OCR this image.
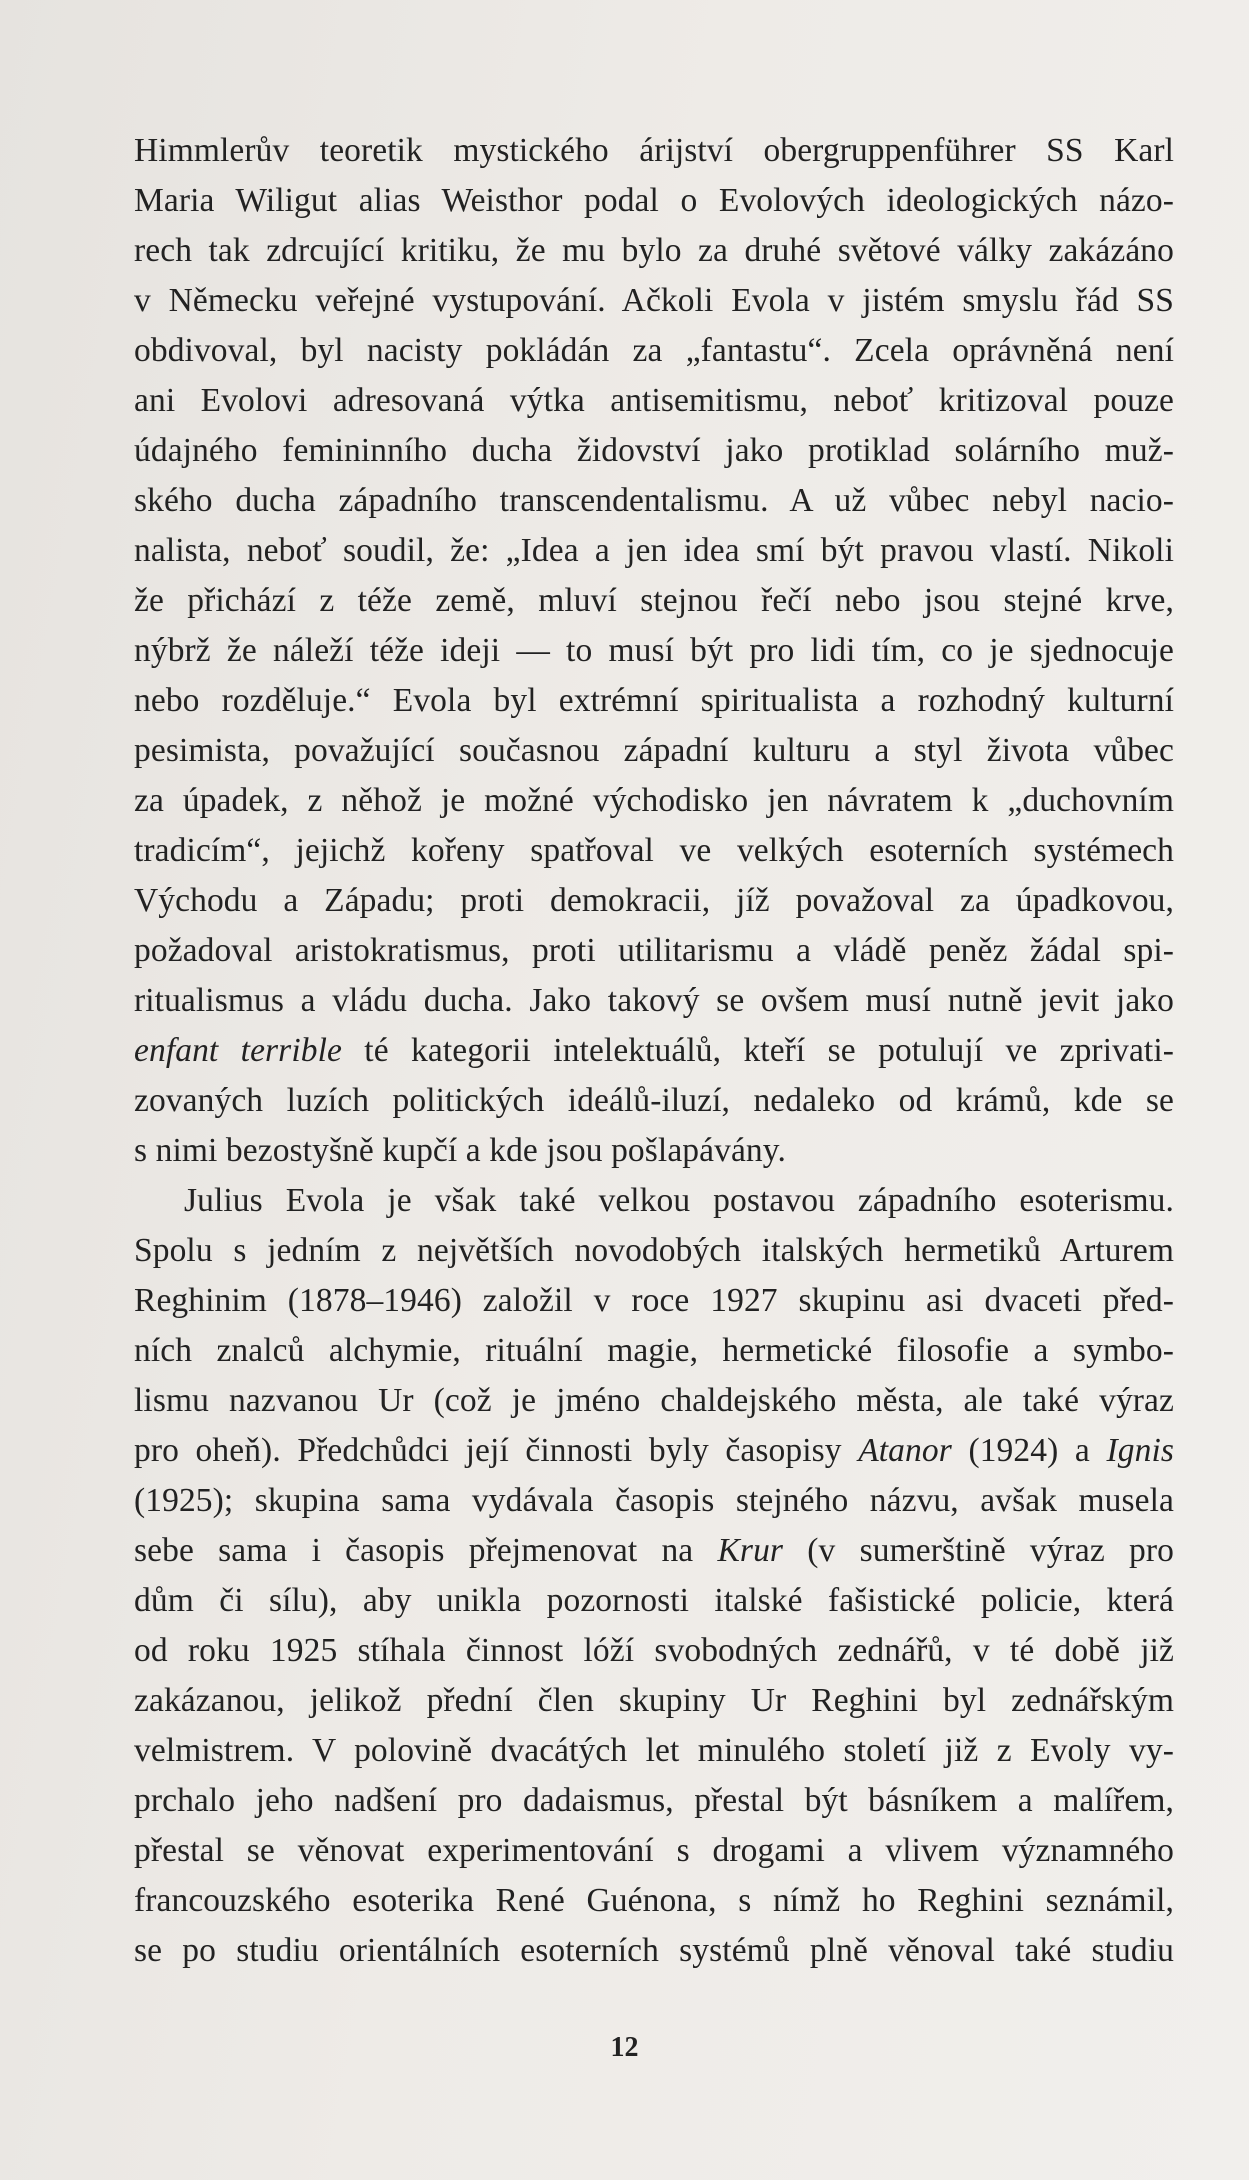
Himmlerův teoretik mystického árijství obergruppenführer SS Karl
Maria Wiligut alias Weisthor podal o Evolových ideologických názo-
rech tak zdrcující kritiku, že mu bylo za druhé světové války zakázáno
v Německu veřejné vystupování. Ačkoli Evola v jistém smyslu řád SS
obdivoval, byl nacisty pokládán za „fantastu“. Zcela oprávněná není
ani Evolovi adresovaná výtka antisemitismu, neboť kritizoval pouze
údajného femininního ducha židovství jako protiklad solárního muž-
ského ducha západního transcendentalismu. A už vůbec nebyl nacio-
nalista, neboť soudil, že: „Idea a jen idea smí být pravou vlastí. Nikoli
že přichází z téže země, mluví stejnou řečí nebo jsou stejné krve,
nýbrž že náleží téže ideji — to musí být pro lidi tím, co je sjednocuje
nebo rozděluje.“ Evola byl extrémní spiritualista a rozhodný kulturní
pesimista, považující současnou západní kulturu a styl života vůbec
za úpadek, z něhož je možné východisko jen návratem k „duchovním
tradicím“, jejichž kořeny spatřoval ve velkých esoterních systémech
Východu a Západu; proti demokracii, jíž považoval za úpadkovou,
požadoval aristokratismus, proti utilitarismu a vládě peněz žádal spi-
ritualismus a vládu ducha. Jako takový se ovšem musí nutně jevit jako
enfant terrible té kategorii intelektuálů, kteří se potulují ve zprivati-
zovaných luzích politických ideálů-iluzí, nedaleko od krámů, kde se
s nimi bezostyšně kupčí a kde jsou pošlapávány.
Julius Evola je však také velkou postavou západního esoterismu.
Spolu s jedním z největších novodobých italských hermetiků Arturem
Reghinim (1878–1946) založil v roce 1927 skupinu asi dvaceti před-
ních znalců alchymie, rituální magie, hermetické filosofie a symbo-
lismu nazvanou Ur (což je jméno chaldejského města, ale také výraz
pro oheň). Předchůdci její činnosti byly časopisy Atanor (1924) a Ignis
(1925); skupina sama vydávala časopis stejného názvu, avšak musela
sebe sama i časopis přejmenovat na Krur (v sumerštině výraz pro
dům či sílu), aby unikla pozornosti italské fašistické policie, která
od roku 1925 stíhala činnost lóží svobodných zednářů, v té době již
zakázanou, jelikož přední člen skupiny Ur Reghini byl zednářským
velmistrem. V polovině dvacátých let minulého století již z Evoly vy-
prchalo jeho nadšení pro dadaismus, přestal být básníkem a malířem,
přestal se věnovat experimentování s drogami a vlivem významného
francouzského esoterika René Guénona, s nímž ho Reghini seznámil,
se po studiu orientálních esoterních systémů plně věnoval také studiu
12
